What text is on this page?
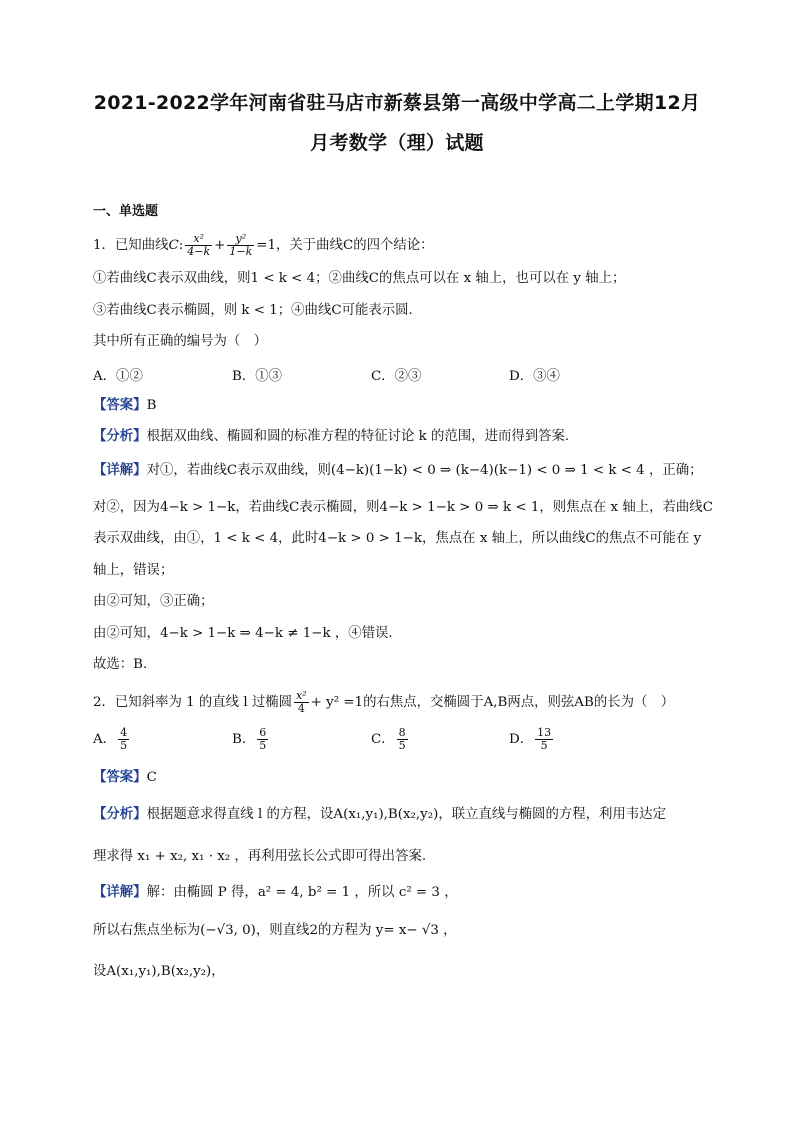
2021-2022学年河南省驻马店市新蔡县第一高级中学高二上学期12月
月考数学（理）试题
一、单选题
1．已知曲线C: $\frac{\text{x²}}{4-k} + \frac{\text{y²}}{1-k} =1$，关于曲线C的四个结论：
①若曲线C表示双曲线，则1 < k < 4；②曲线C的焦点可以在 x 轴上，也可以在 y 轴上；
③若曲线C表示椭圆，则 k < 1；④曲线C可能表示圆.
其中所有正确的编号为（　）
A．①②	B．①③	C．②③	D．③④
【答案】B
【分析】根据双曲线、椭圆和圆的标准方程的特征讨论 k 的范围，进而得到答案.
【详解】对①，若曲线C表示双曲线，则(4−k)(1−k) < 0 ⇒ (k−4)(k−1) < 0 ⇒ 1 < k < 4 ，正确；
对②，因为4−k > 1−k，若曲线C表示椭圆，则4−k > 1−k > 0 ⇒ k < 1，则焦点在 x 轴上，若曲线C
表示双曲线，由①，1 < k < 4，此时4−k > 0 > 1−k，焦点在 x 轴上，所以曲线C的焦点不可能在 y
轴上，错误；
由②可知，③正确；
由②可知，4−k > 1−k ⇒ 4−k ≠ 1−k ，④错误.
故选：B.
2．已知斜率为 1 的直线 l 过椭圆 $\frac{\text{x²}}{4} + y^2 =1$的右焦点，交椭圆于A,B两点，则弦AB的长为（　）
A． $\frac{4}{5}$	B． $\frac{6}{5}$	C． $\frac{8}{5}$	D． $\frac{13}{5}$
【答案】C
【分析】根据题意求得直线 l 的方程，设A(x₁,y₁),B(x₂,y₂)，联立直线与椭圆的方程，利用韦达定
理求得 x₁ + x₂, x₁ · x₂ ，再利用弦长公式即可得出答案.
【详解】解：由椭圆 P 得，a² = 4, b² = 1 ，所以 c² = 3 ，
所以右焦点坐标为(−√3, 0)，则直线2的方程为 y= x− √3 ，
设A(x₁,y₁),B(x₂,y₂)，
